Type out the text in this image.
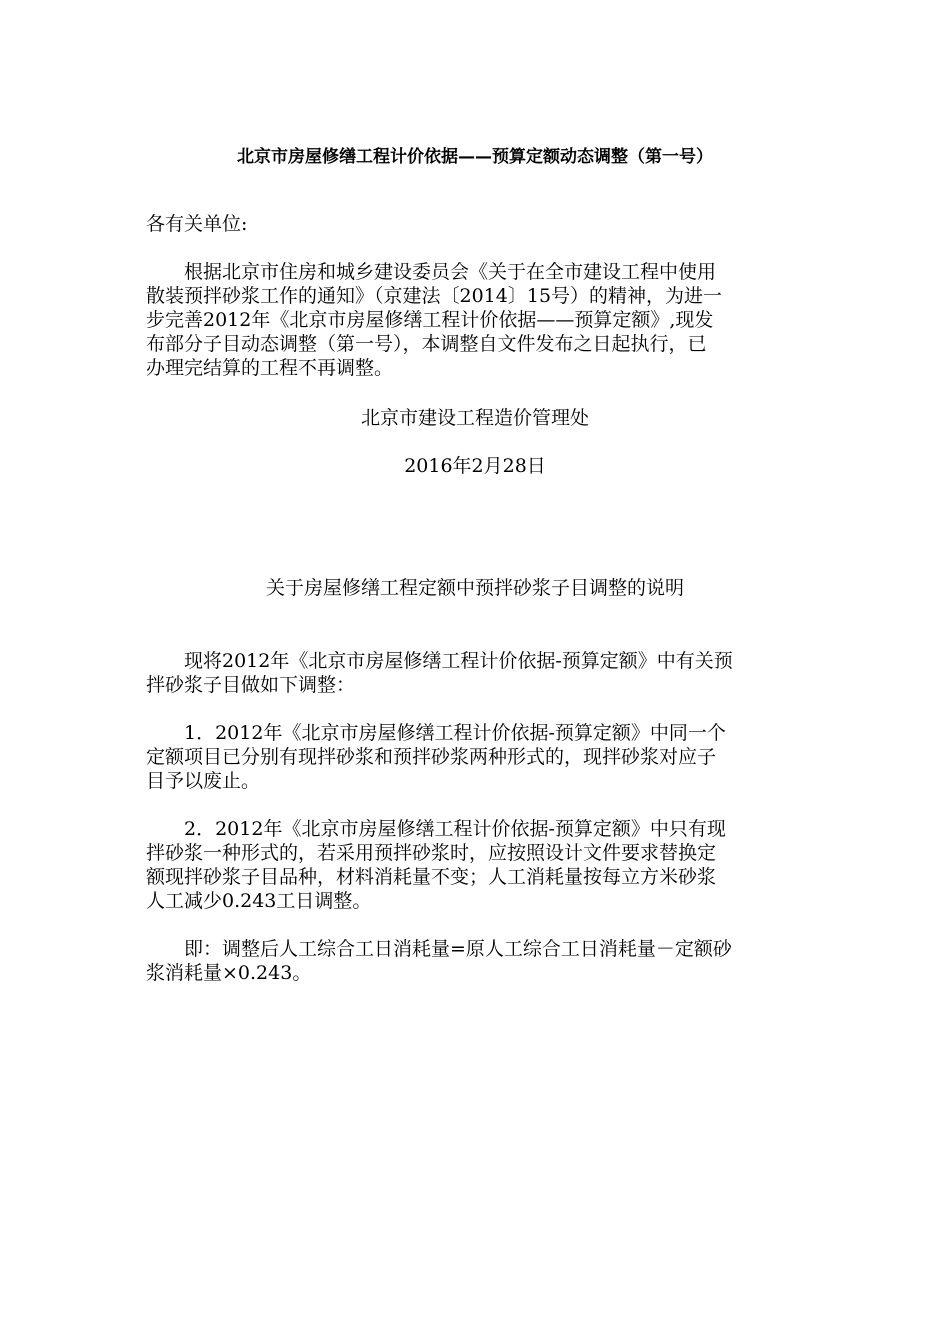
北京市房屋修缮工程计价依据——预算定额动态调整（第一号）
各有关单位:
根据北京市住房和城乡建设委员会《关于在全市建设工程中使用
散装预拌砂浆工作的通知》（京建法〔2014〕15号）的精神，为进一
步完善2012年《北京市房屋修缮工程计价依据——预算定额》,现发
布部分子目动态调整（第一号），本调整自文件发布之日起执行，已
办理完结算的工程不再调整。
北京市建设工程造价管理处
2016年2月28日
关于房屋修缮工程定额中预拌砂浆子目调整的说明
现将2012年《北京市房屋修缮工程计价依据-预算定额》中有关预
拌砂浆子目做如下调整：
1．2012年《北京市房屋修缮工程计价依据-预算定额》中同一个
定额项目已分别有现拌砂浆和预拌砂浆两种形式的，现拌砂浆对应子
目予以废止。
2．2012年《北京市房屋修缮工程计价依据-预算定额》中只有现
拌砂浆一种形式的，若采用预拌砂浆时，应按照设计文件要求替换定
额现拌砂浆子目品种，材料消耗量不变；人工消耗量按每立方米砂浆
人工减少0.243工日调整。
即：调整后人工综合工日消耗量=原人工综合工日消耗量－定额砂
浆消耗量×0.243。
